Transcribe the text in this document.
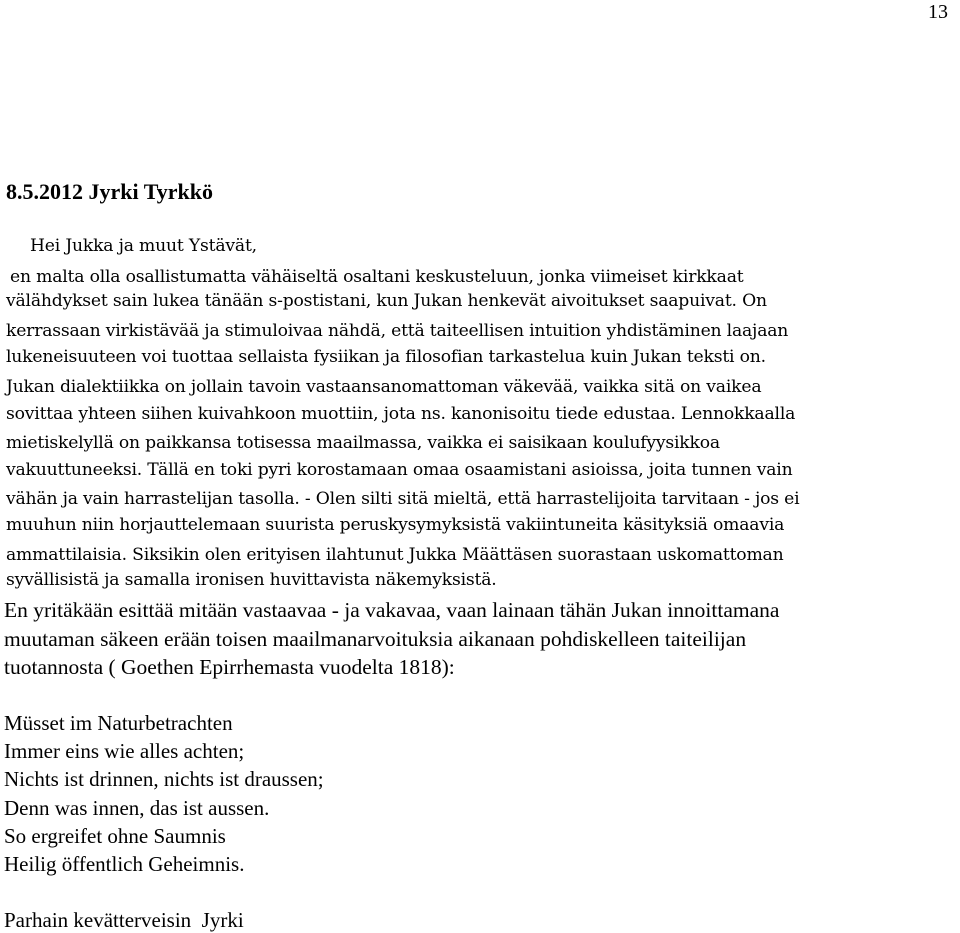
13
8.5.2012 Jyrki Tyrkkö
Hei Jukka ja muut Ystävät,
en malta olla osallistumatta vähäiseltä osaltani keskusteluun, jonka viimeiset kirkkaat
välähdykset sain lukea tänään s-postistani, kun Jukan henkevät aivoitukset saapuivat. On
kerrassaan virkistävää ja stimuloivaa nähdä, että taiteellisen intuition yhdistäminen laajaan
lukeneisuuteen voi tuottaa sellaista fysiikan ja filosofian tarkastelua kuin Jukan teksti on.
Jukan dialektiikka on jollain tavoin vastaansanomattoman väkevää, vaikka sitä on vaikea
sovittaa yhteen siihen kuivahkoon muottiin, jota ns. kanonisoitu tiede edustaa. Lennokkaalla
mietiskelyllä on paikkansa totisessa maailmassa, vaikka ei saisikaan koulufyysikkoa
vakuuttuneeksi. Tällä en toki pyri korostamaan omaa osaamistani asioissa, joita tunnen vain
vähän ja vain harrastelijan tasolla. - Olen silti sitä mieltä, että harrastelijoita tarvitaan - jos ei
muuhun niin horjauttelemaan suurista peruskysymyksistä vakiintuneita käsityksiä omaavia
ammattilaisia. Siksikin olen erityisen ilahtunut Jukka Määttäsen suorastaan uskomattoman
syvällisistä ja samalla ironisen huvittavista näkemyksistä.
En yritäkään esittää mitään vastaavaa - ja vakavaa, vaan lainaan tähän Jukan innoittamana
muutaman säkeen erään toisen maailmanarvoituksia aikanaan pohdiskelleen taiteilijan
tuotannosta ( Goethen Epirrhemasta vuodelta 1818):
Müsset im Naturbetrachten
Immer eins wie alles achten;
Nichts ist drinnen, nichts ist draussen;
Denn was innen, das ist aussen.
So ergreifet ohne Saumnis
Heilig öffentlich Geheimnis.
Parhain kevätterveisin  Jyrki
